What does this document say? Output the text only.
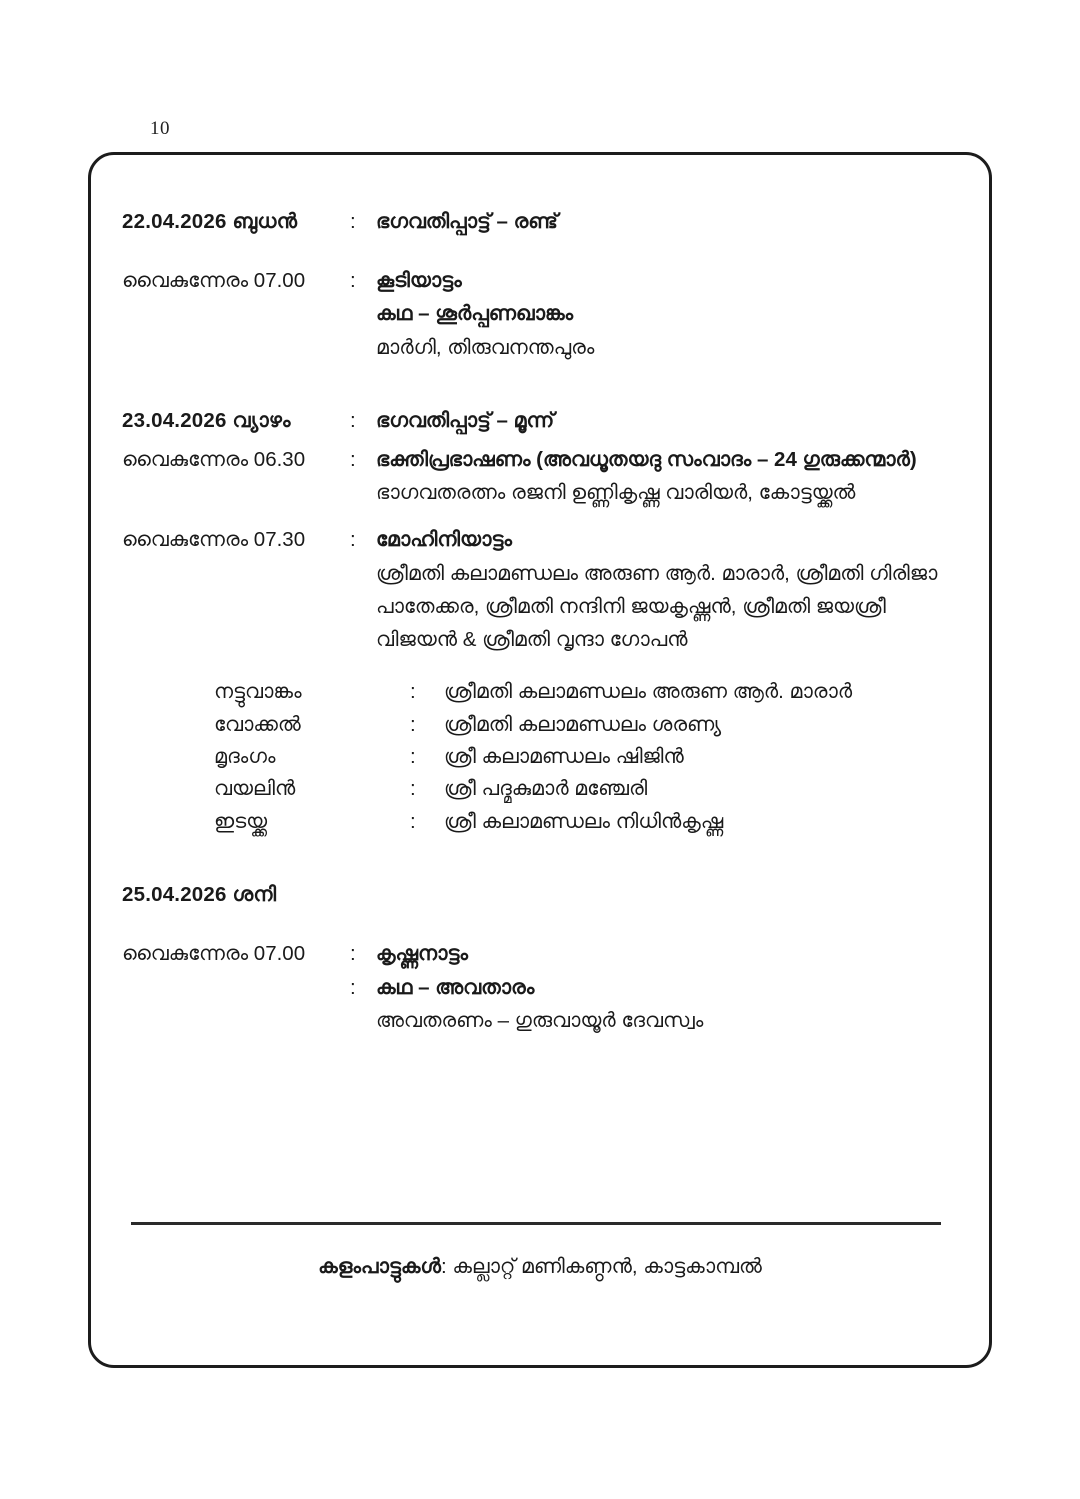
10
22.04.2026 ബുധൻ	: ഭഗവതിപ്പാട്ട് – രണ്ട്
വൈകുന്നേരം 07.00	: കൂടിയാട്ടം
കഥ – ശൂർപ്പണഖാങ്കം
മാർഗി, തിരുവനന്തപുരം
23.04.2026 വ്യാഴം	: ഭഗവതിപ്പാട്ട് – മൂന്ന്
വൈകുന്നേരം 06.30	: ഭക്തിപ്രഭാഷണം (അവധൂതയദു സംവാദം – 24 ഗുരുക്കന്മാർ)
ഭാഗവതരത്നം രജനി ഉണ്ണികൃഷ്ണ വാരിയർ, കോട്ടയ്ക്കൽ
വൈകുന്നേരം 07.30	: മോഹിനിയാട്ടം
ശ്രീമതി കലാമണ്ഡലം അരുണ ആർ. മാരാർ, ശ്രീമതി ഗിരിജാ
പാതേക്കര, ശ്രീമതി നന്ദിനി ജയകൃഷ്ണൻ, ശ്രീമതി ജയശ്രീ
വിജയൻ & ശ്രീമതി വൃന്ദാ ഗോപൻ
നട്ടുവാങ്കം	:	ശ്രീമതി കലാമണ്ഡലം അരുണ ആർ. മാരാർ
വോക്കൽ	:	ശ്രീമതി കലാമണ്ഡലം ശരണ്യ
മൃദംഗം	:	ശ്രീ കലാമണ്ഡലം ഷിജിൻ
വയലിൻ	:	ശ്രീ പദ്മകുമാർ മഞ്ചേരി
ഇടയ്ക്ക	:	ശ്രീ കലാമണ്ഡലം നിധിൻകൃഷ്ണ
25.04.2026 ശനി
വൈകുന്നേരം 07.00	: കൃഷ്ണനാട്ടം
: കഥ – അവതാരം
അവതരണം – ഗുരുവായൂർ ദേവസ്വം
കളംപാട്ടുകൾ: കല്ലാറ്റ് മണികണ്ഠൻ, കാട്ടകാമ്പൽ
